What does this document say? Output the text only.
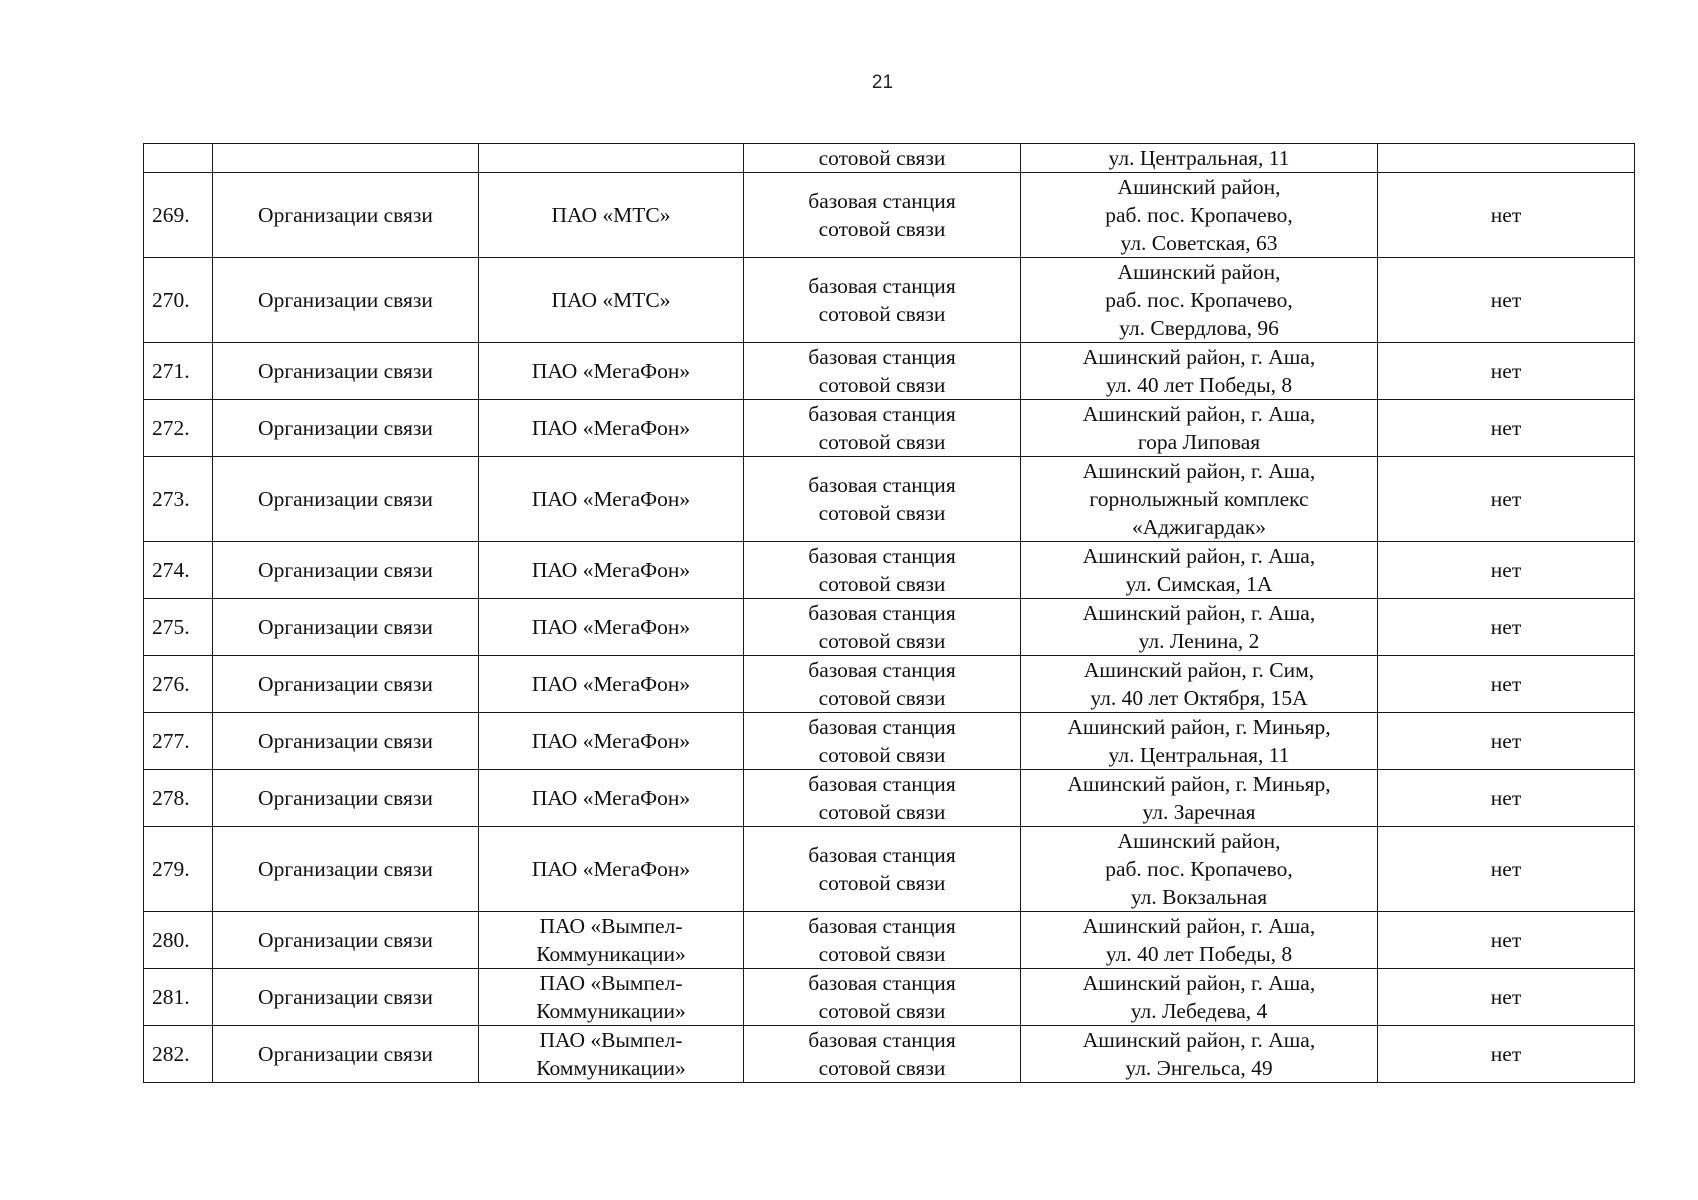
21
			сотовой связи	ул. Центральная, 11	
269.	Организации связи	ПАО «МТС»	базовая станция
сотовой связи	Ашинский район,
раб. пос. Кропачево,
ул. Советская, 63	нет
270.	Организации связи	ПАО «МТС»	базовая станция
сотовой связи	Ашинский район,
раб. пос. Кропачево,
ул. Свердлова, 96	нет
271.	Организации связи	ПАО «МегаФон»	базовая станция
сотовой связи	Ашинский район, г. Аша,
ул. 40 лет Победы, 8	нет
272.	Организации связи	ПАО «МегаФон»	базовая станция
сотовой связи	Ашинский район, г. Аша,
гора Липовая	нет
273.	Организации связи	ПАО «МегаФон»	базовая станция
сотовой связи	Ашинский район, г. Аша,
горнолыжный комплекс
«Аджигардак»	нет
274.	Организации связи	ПАО «МегаФон»	базовая станция
сотовой связи	Ашинский район, г. Аша,
ул. Симская, 1А	нет
275.	Организации связи	ПАО «МегаФон»	базовая станция
сотовой связи	Ашинский район, г. Аша,
ул. Ленина, 2	нет
276.	Организации связи	ПАО «МегаФон»	базовая станция
сотовой связи	Ашинский район, г. Сим,
ул. 40 лет Октября, 15А	нет
277.	Организации связи	ПАО «МегаФон»	базовая станция
сотовой связи	Ашинский район, г. Миньяр,
ул. Центральная, 11	нет
278.	Организации связи	ПАО «МегаФон»	базовая станция
сотовой связи	Ашинский район, г. Миньяр,
ул. Заречная	нет
279.	Организации связи	ПАО «МегаФон»	базовая станция
сотовой связи	Ашинский район,
раб. пос. Кропачево,
ул. Вокзальная	нет
280.	Организации связи	ПАО «Вымпел-
Коммуникации»	базовая станция
сотовой связи	Ашинский район, г. Аша,
ул. 40 лет Победы, 8	нет
281.	Организации связи	ПАО «Вымпел-
Коммуникации»	базовая станция
сотовой связи	Ашинский район, г. Аша,
ул. Лебедева, 4	нет
282.	Организации связи	ПАО «Вымпел-
Коммуникации»	базовая станция
сотовой связи	Ашинский район, г. Аша,
ул. Энгельса, 49	нет
